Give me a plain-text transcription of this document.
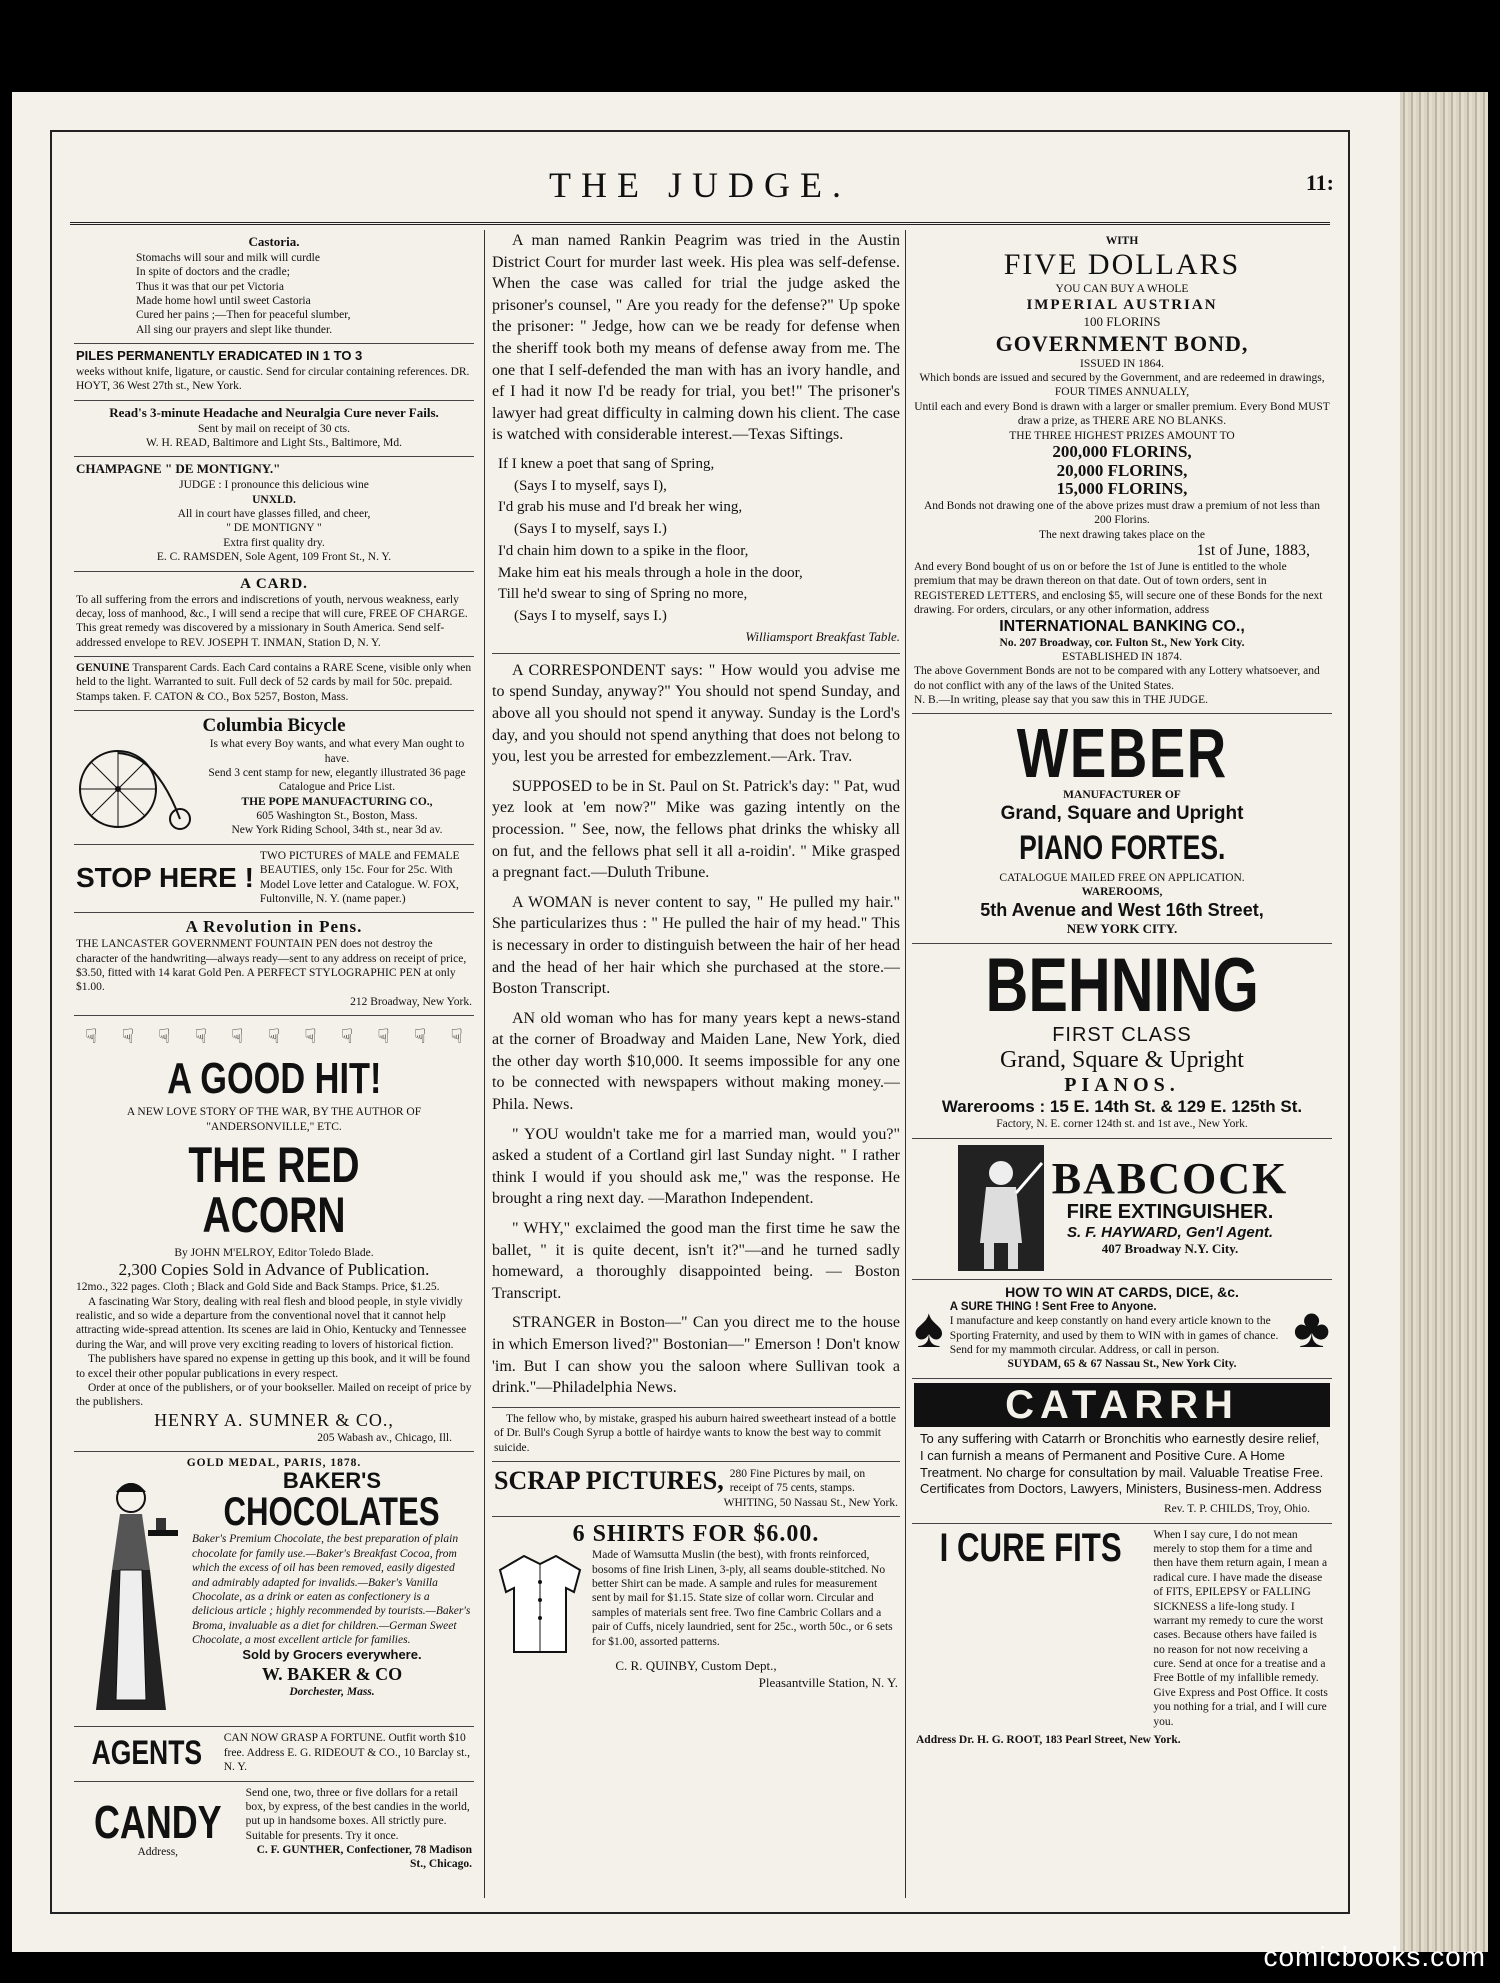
THE JUDGE.	11:
Castoria.
Stomachs will sour and milk will curdle
In spite of doctors and the cradle;
Thus it was that our pet Victoria
Made home howl until sweet Castoria
Cured her pains ;—Then for peaceful slumber,
All sing our prayers and slept like thunder.
PILES PERMANENTLY ERADICATED IN 1 TO 3
weeks without knife, ligature, or caustic. Send for circular containing references. DR. HOYT, 36 West 27th st., New York.
Read's 3-minute Headache and Neuralgia Cure never Fails.
Sent by mail on receipt of 30 cts.
W. H. READ, Baltimore and Light Sts., Baltimore, Md.
CHAMPAGNE " DE MONTIGNY."
JUDGE : I pronounce this delicious wine
UNXLD.
All in court have glasses filled, and cheer,
" DE MONTIGNY "
Extra first quality dry.
E. C. RAMSDEN, Sole Agent, 109 Front St., N. Y.
A CARD.
To all suffering from the errors and indiscretions of youth, nervous weakness, early decay, loss of manhood, &c., I will send a recipe that will cure, FREE OF CHARGE. This great remedy was discovered by a missionary in South America. Send self-addressed envelope to REV. JOSEPH T. INMAN, Station D, N. Y.
GENUINE Transparent Cards. Each Card contains a RARE Scene, visible only when held to the light. Warranted to suit. Full deck of 52 cards by mail for 50c. prepaid. Stamps taken. F. CATON & CO., Box 5257, Boston, Mass.
Columbia Bicycle
Is what every Boy wants, and what every Man ought to have.
Send 3 cent stamp for new, elegantly illustrated 36 page Catalogue and Price List.
THE POPE MANUFACTURING CO.,
605 Washington St., Boston, Mass.
New York Riding School, 34th st., near 3d av.
STOP HERE !
TWO PICTURES of MALE and FEMALE BEAUTIES, only 15c. Four for 25c. With Model Love letter and Catalogue. W. FOX, Fultonville, N. Y. (name paper.)
A Revolution in Pens.
THE LANCASTER GOVERNMENT FOUNTAIN PEN does not destroy the character of the handwriting—always ready—sent to any address on receipt of price, $3.50, fitted with 14 karat Gold Pen. A PERFECT STYLOGRAPHIC PEN at only $1.00.
212 Broadway, New York.
☟ ☟ ☟ ☟ ☟ ☟ ☟ ☟ ☟ ☟ ☟
A GOOD HIT!
A NEW LOVE STORY OF THE WAR, BY THE AUTHOR OF "ANDERSONVILLE," ETC.
THE RED ACORN
By JOHN M'ELROY, Editor Toledo Blade.
2,300 Copies Sold in Advance of Publication.
12mo., 322 pages. Cloth ; Black and Gold Side and Back Stamps. Price, $1.25.
A fascinating War Story, dealing with real flesh and blood people, in style vividly realistic, and so wide a departure from the conventional novel that it cannot help attracting wide-spread attention. Its scenes are laid in Ohio, Kentucky and Tennessee during the War, and will prove very exciting reading to lovers of historical fiction.
The publishers have spared no expense in getting up this book, and it will be found to excel their other popular publications in every respect.
Order at once of the publishers, or of your bookseller. Mailed on receipt of price by the publishers.
HENRY A. SUMNER & CO.,
205 Wabash av., Chicago, Ill.
GOLD MEDAL, PARIS, 1878.
BAKER'S
CHOCOLATES
Baker's Premium Chocolate, the best preparation of plain chocolate for family use.—Baker's Breakfast Cocoa, from which the excess of oil has been removed, easily digested and admirably adapted for invalids.—Baker's Vanilla Chocolate, as a drink or eaten as confectionery is a delicious article ; highly recommended by tourists.—Baker's Broma, invaluable as a diet for children.—German Sweet Chocolate, a most excellent article for families.
Sold by Grocers everywhere.
W. BAKER & CO
Dorchester, Mass.
AGENTS	CAN NOW GRASP A FORTUNE. Outfit worth $10 free. Address E. G. RIDEOUT & CO., 10 Barclay st., N. Y.
CANDY
Address,
Send one, two, three or five dollars for a retail box, by express, of the best candies in the world, put up in handsome boxes. All strictly pure. Suitable for presents. Try it once.
C. F. GUNTHER, Confectioner, 78 Madison St., Chicago.

A man named Rankin Peagrim was tried in the Austin District Court for murder last week. His plea was self-defense. When the case was called for trial the judge asked the prisoner's counsel, " Are you ready for the defense?" Up spoke the prisoner: " Jedge, how can we be ready for defense when the sheriff took both my means of defense away from me. The one that I self-defended the man with has an ivory handle, and ef I had it now I'd be ready for trial, you bet!" The prisoner's lawyer had great difficulty in calming down his client. The case is watched with considerable interest.—Texas Siftings.

If I knew a poet that sang of Spring,
(Says I to myself, says I),
I'd grab his muse and I'd break her wing,
(Says I to myself, says I.)
I'd chain him down to a spike in the floor,
Make him eat his meals through a hole in the door,
Till he'd swear to sing of Spring no more,
(Says I to myself, says I.)
Williamsport Breakfast Table.

A CORRESPONDENT says: " How would you advise me to spend Sunday, anyway?" You should not spend Sunday, and above all you should not spend it anyway. Sunday is the Lord's day, and you should not spend anything that does not belong to you, lest you be arrested for embezzlement.—Ark. Trav.

SUPPOSED to be in St. Paul on St. Patrick's day: " Pat, wud yez look at 'em now?" Mike was gazing intently on the procession. " See, now, the fellows phat drinks the whisky all on fut, and the fellows phat sell it all a-roidin'. " Mike grasped a pregnant fact.—Duluth Tribune.

A WOMAN is never content to say, " He pulled my hair." She particularizes thus : " He pulled the hair of my head." This is necessary in order to distinguish between the hair of her head and the head of her hair which she purchased at the store.—Boston Transcript.

AN old woman who has for many years kept a news-stand at the corner of Broadway and Maiden Lane, New York, died the other day worth $10,000. It seems impossible for any one to be connected with newspapers without making money.—Phila. News.

" YOU wouldn't take me for a married man, would you?" asked a student of a Cortland girl last Sunday night. " I rather think I would if you should ask me," was the response. He brought a ring next day. —Marathon Independent.

" WHY," exclaimed the good man the first time he saw the ballet, " it is quite decent, isn't it?"—and he turned sadly homeward, a thoroughly disappointed being. — Boston Transcript.

STRANGER in Boston—" Can you direct me to the house in which Emerson lived?" Bostonian—" Emerson ! Don't know 'im. But I can show you the saloon where Sullivan took a drink."—Philadelphia News.

The fellow who, by mistake, grasped his auburn haired sweetheart instead of a bottle of Dr. Bull's Cough Syrup a bottle of hairdye wants to know the best way to commit suicide.
SCRAP PICTURES, 280 Fine Pictures by mail, on receipt of 75 cents, stamps.
WHITING, 50 Nassau St., New York.
6 SHIRTS FOR $6.00.
Made of Wamsutta Muslin (the best), with fronts reinforced, bosoms of fine Irish Linen, 3-ply, all seams double-stitched. No better Shirt can be made. A sample and rules for measurement sent by mail for $1.15. State size of collar worn. Circular and samples of materials sent free. Two fine Cambric Collars and a pair of Cuffs, nicely laundried, sent for 25c., worth 50c., or 6 sets for $1.00, assorted patterns.
C. R. QUINBY, Custom Dept.,
Pleasantville Station, N. Y.
WITH
FIVE DOLLARS
YOU CAN BUY A WHOLE
IMPERIAL AUSTRIAN
100 FLORINS
GOVERNMENT BOND,
ISSUED IN 1864.
Which bonds are issued and secured by the Government, and are redeemed in drawings, FOUR TIMES ANNUALLY,
Until each and every Bond is drawn with a larger or smaller premium. Every Bond MUST draw a prize, as THERE ARE NO BLANKS.
THE THREE HIGHEST PRIZES AMOUNT TO
200,000 FLORINS,
20,000 FLORINS,
15,000 FLORINS,
And Bonds not drawing one of the above prizes must draw a premium of not less than 200 Florins.
The next drawing takes place on the
1st of June, 1883,
And every Bond bought of us on or before the 1st of June is entitled to the whole premium that may be drawn thereon on that date. Out of town orders, sent in REGISTERED LETTERS, and enclosing $5, will secure one of these Bonds for the next drawing. For orders, circulars, or any other information, address
INTERNATIONAL BANKING CO.,
No. 207 Broadway, cor. Fulton St., New York City.
ESTABLISHED IN 1874.
The above Government Bonds are not to be compared with any Lottery whatsoever, and do not conflict with any of the laws of the United States.
N. B.—In writing, please say that you saw this in THE JUDGE.
WEBER
MANUFACTURER OF
Grand, Square and Upright
PIANO FORTES.
CATALOGUE MAILED FREE ON APPLICATION.
WAREROOMS,
5th Avenue and West 16th Street,
NEW YORK CITY.
BEHNING
FIRST CLASS
Grand, Square & Upright
PIANOS.
Warerooms : 15 E. 14th St. & 129 E. 125th St.
Factory, N. E. corner 124th st. and 1st ave., New York.
BABCOCK
FIRE EXTINGUISHER.
S. F. HAYWARD, Gen'l Agent.
407 Broadway N.Y. City.
HOW TO WIN AT CARDS, DICE, &c.
♠ A SURE THING ! Sent Free to Anyone.
I manufacture and keep constantly on hand every article known to the Sporting Fraternity, and used by them to WIN with in games of chance. Send for my mammoth circular. Address, or call in person.	♣
SUYDAM, 65 & 67 Nassau St., New York City.
CATARRH
To any suffering with Catarrh or Bronchitis who earnestly desire relief, I can furnish a means of Permanent and Positive Cure. A Home Treatment. No charge for consultation by mail. Valuable Treatise Free. Certificates from Doctors, Lawyers, Ministers, Business-men. Address
Rev. T. P. CHILDS, Troy, Ohio.
I CURE FITS	When I say cure, I do not mean merely to stop them for a time and then have them return again, I mean a radical cure. I have made the disease of FITS, EPILEPSY or FALLING SICKNESS a life-long study. I warrant my remedy to cure the worst cases. Because others have failed is no reason for not now receiving a cure. Send at once for a treatise and a Free Bottle of my infallible remedy. Give Express and Post Office. It costs you nothing for a trial, and I will cure you.
Address Dr. H. G. ROOT, 183 Pearl Street, New York.
comicbooks.com
